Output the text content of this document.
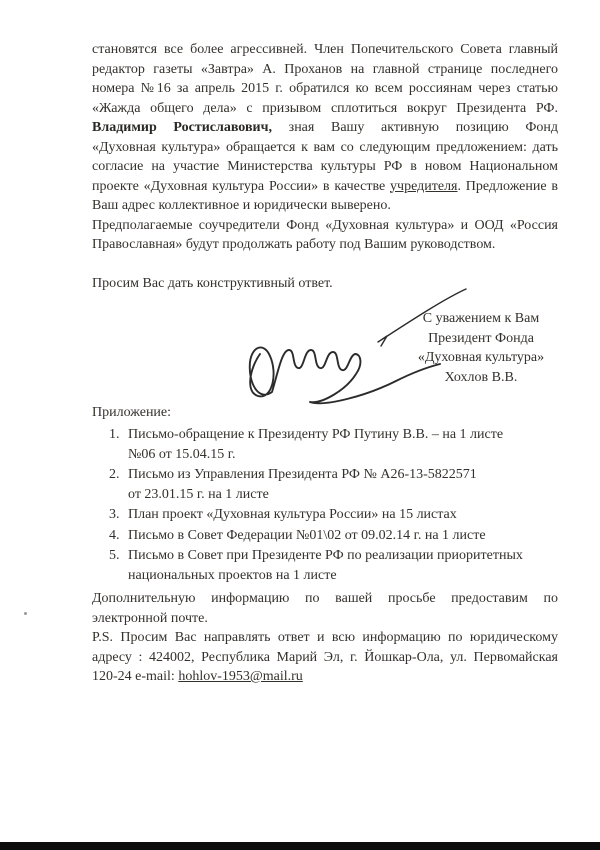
становятся все более агрессивней. Член Попечительского Совета главный
редактор газеты «Завтра» А. Проханов на главной странице последнего
номера №16 за апрель 2015 г. обратился ко всем россиянам через статью
«Жажда общего дела» с призывом сплотиться вокруг Президента РФ.
Владимир Ростиславович, зная Вашу активную позицию Фонд
«Духовная культура» обращается к вам со следующим предложением: дать
согласие на участие Министерства культуры РФ в новом Национальном
проекте «Духовная культура России» в качестве учредителя. Предложение в
Ваш адрес коллективное и юридически выверено.
Предполагаемые соучредители Фонд «Духовная культура» и ООД «Россия
Православная» будут продолжать работу под Вашим руководством.
Просим Вас дать конструктивный ответ.
С уважением к Вам
Президент Фонда
«Духовная культура»
Хохлов В.В.
Приложение:
1. Письмо-обращение к Президенту РФ Путину В.В. – на 1 листе
№06 от 15.04.15 г.
2. Письмо из Управления Президента РФ № А26-13-5822571
от 23.01.15 г. на 1 листе
3. План проект «Духовная культура России» на 15 листах
4. Письмо в Совет Федерации №01\02 от 09.02.14 г. на 1 листе
5. Письмо в Совет при Президенте РФ по реализации приоритетных
национальных проектов на 1 листе
Дополнительную информацию по вашей просьбе предоставим по
электронной почте.
P.S. Просим Вас направлять ответ и всю информацию по юридическому
адресу : 424002, Республика Марий Эл, г. Йошкар-Ола, ул. Первомайская
120-24 e-mail: hohlov-1953@mail.ru
